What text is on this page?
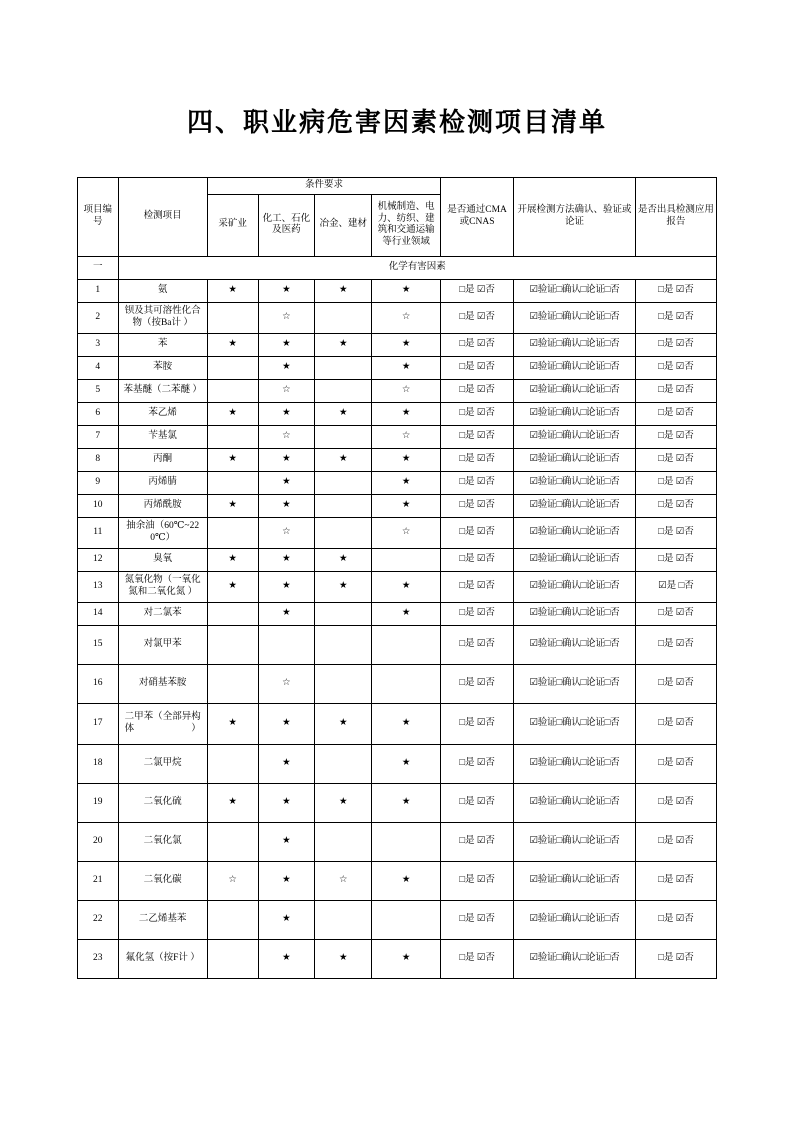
四、职业病危害因素检测项目清单
项目编号	检测项目	条件要求				是否通过CMA或CNAS	开展检测方法确认、验证或论证	是否出具检测应用报告
		采矿业	化工、石化及医药	冶金、建材	机械制造、电力、纺织、建筑和交通运输等行业领域			
一	化学有害因素							
1	氨	★	★	★	★	□是 ☑否	☑验证□确认□论证□否	□是 ☑否
2	钡及其可溶性化合物（按Ba计 ）		☆		☆	□是 ☑否	☑验证□确认□论证□否	□是 ☑否
3	苯	★	★	★	★	□是 ☑否	☑验证□确认□论证□否	□是 ☑否
4	苯胺		★		★	□是 ☑否	☑验证□确认□论证□否	□是 ☑否
5	苯基醚（二苯醚 ）		☆		☆	□是 ☑否	☑验证□确认□论证□否	□是 ☑否
6	苯乙烯	★	★	★	★	□是 ☑否	☑验证□确认□论证□否	□是 ☑否
7	苄基氯		☆		☆	□是 ☑否	☑验证□确认□论证□否	□是 ☑否
8	丙酮	★	★	★	★	□是 ☑否	☑验证□确认□论证□否	□是 ☑否
9	丙烯腈		★		★	□是 ☑否	☑验证□确认□论证□否	□是 ☑否
10	丙烯酰胺	★	★		★	□是 ☑否	☑验证□确认□论证□否	□是 ☑否
11	抽余油（60℃~220℃）		☆		☆	□是 ☑否	☑验证□确认□论证□否	□是 ☑否
12	臭氧	★	★	★		□是 ☑否	☑验证□确认□论证□否	□是 ☑否
13	氮氧化物（一氧化氮和二氧化氮 ）	★	★	★	★	□是 ☑否	☑验证□确认□论证□否	☑是 □否
14	对二氯苯		★		★	□是 ☑否	☑验证□确认□论证□否	□是 ☑否
15	对氯甲苯					□是 ☑否	☑验证□确认□论证□否	□是 ☑否
16	对硝基苯胺		☆			□是 ☑否	☑验证□确认□论证□否	□是 ☑否
17	二甲苯（全部异构体）	★	★	★	★	□是 ☑否	☑验证□确认□论证□否	□是 ☑否
18	二氯甲烷		★		★	□是 ☑否	☑验证□确认□论证□否	□是 ☑否
19	二氧化硫	★	★	★	★	□是 ☑否	☑验证□确认□论证□否	□是 ☑否
20	二氧化氯		★			□是 ☑否	☑验证□确认□论证□否	□是 ☑否
21	二氧化碳	☆	★	☆	★	□是 ☑否	☑验证□确认□论证□否	□是 ☑否
22	二乙烯基苯		★			□是 ☑否	☑验证□确认□论证□否	□是 ☑否
23	氟化氢（按F计 ）		★	★	★	□是 ☑否	☑验证□确认□论证□否	□是 ☑否
